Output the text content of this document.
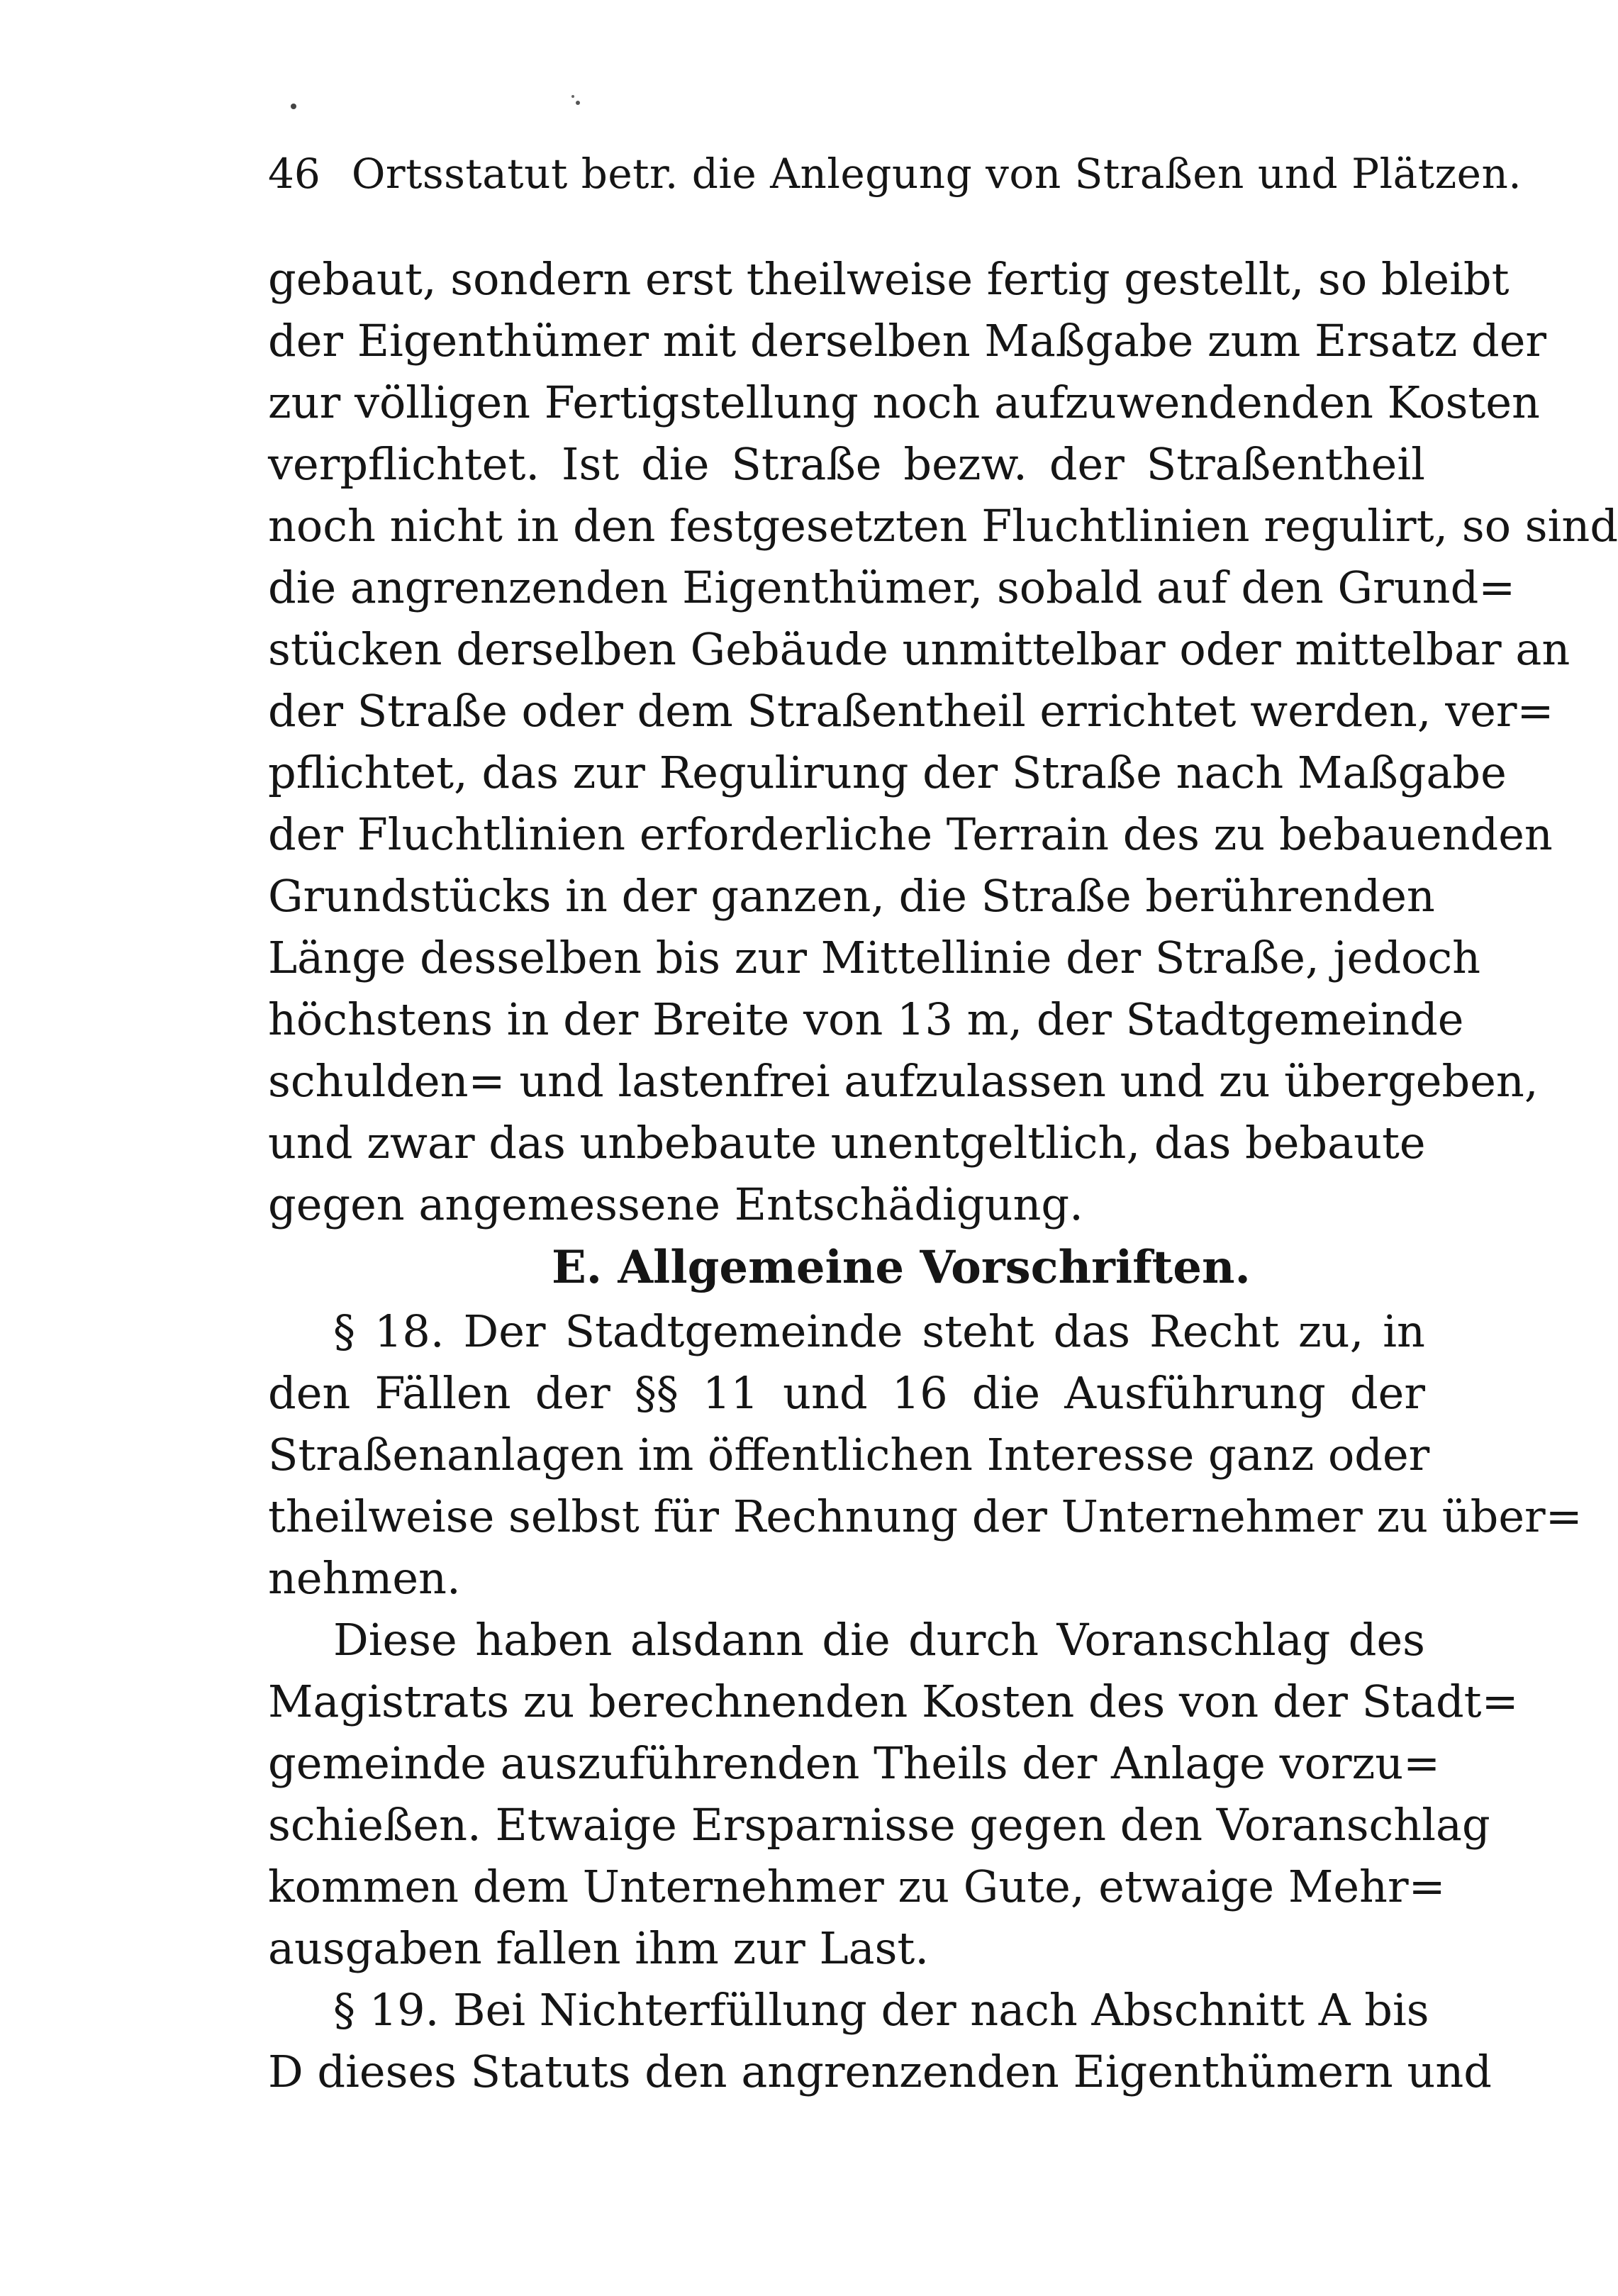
46 Ortsstatut betr. die Anlegung von Straßen und Plätzen.
gebaut, sondern erst theilweise fertig gestellt, so bleibt
der Eigenthümer mit derselben Maßgabe zum Ersatz der
zur völligen Fertigstellung noch aufzuwendenden Kosten
verpflichtet. Ist die Straße bezw. der Straßentheil
noch nicht in den festgesetzten Fluchtlinien regulirt, so sind
die angrenzenden Eigenthümer, sobald auf den Grund=
stücken derselben Gebäude unmittelbar oder mittelbar an
der Straße oder dem Straßentheil errichtet werden, ver=
pflichtet, das zur Regulirung der Straße nach Maßgabe
der Fluchtlinien erforderliche Terrain des zu bebauenden
Grundstücks in der ganzen, die Straße berührenden
Länge desselben bis zur Mittellinie der Straße, jedoch
höchstens in der Breite von 13 m, der Stadtgemeinde
schulden= und lastenfrei aufzulassen und zu übergeben,
und zwar das unbebaute unentgeltlich, das bebaute
gegen angemessene Entschädigung.
E. Allgemeine Vorschriften.
§ 18. Der Stadtgemeinde steht das Recht zu, in
den Fällen der §§ 11 und 16 die Ausführung der
Straßenanlagen im öffentlichen Interesse ganz oder
theilweise selbst für Rechnung der Unternehmer zu über=
nehmen.
Diese haben alsdann die durch Voranschlag des
Magistrats zu berechnenden Kosten des von der Stadt=
gemeinde auszuführenden Theils der Anlage vorzu=
schießen. Etwaige Ersparnisse gegen den Voranschlag
kommen dem Unternehmer zu Gute, etwaige Mehr=
ausgaben fallen ihm zur Last.
§ 19. Bei Nichterfüllung der nach Abschnitt A bis
D dieses Statuts den angrenzenden Eigenthümern und
